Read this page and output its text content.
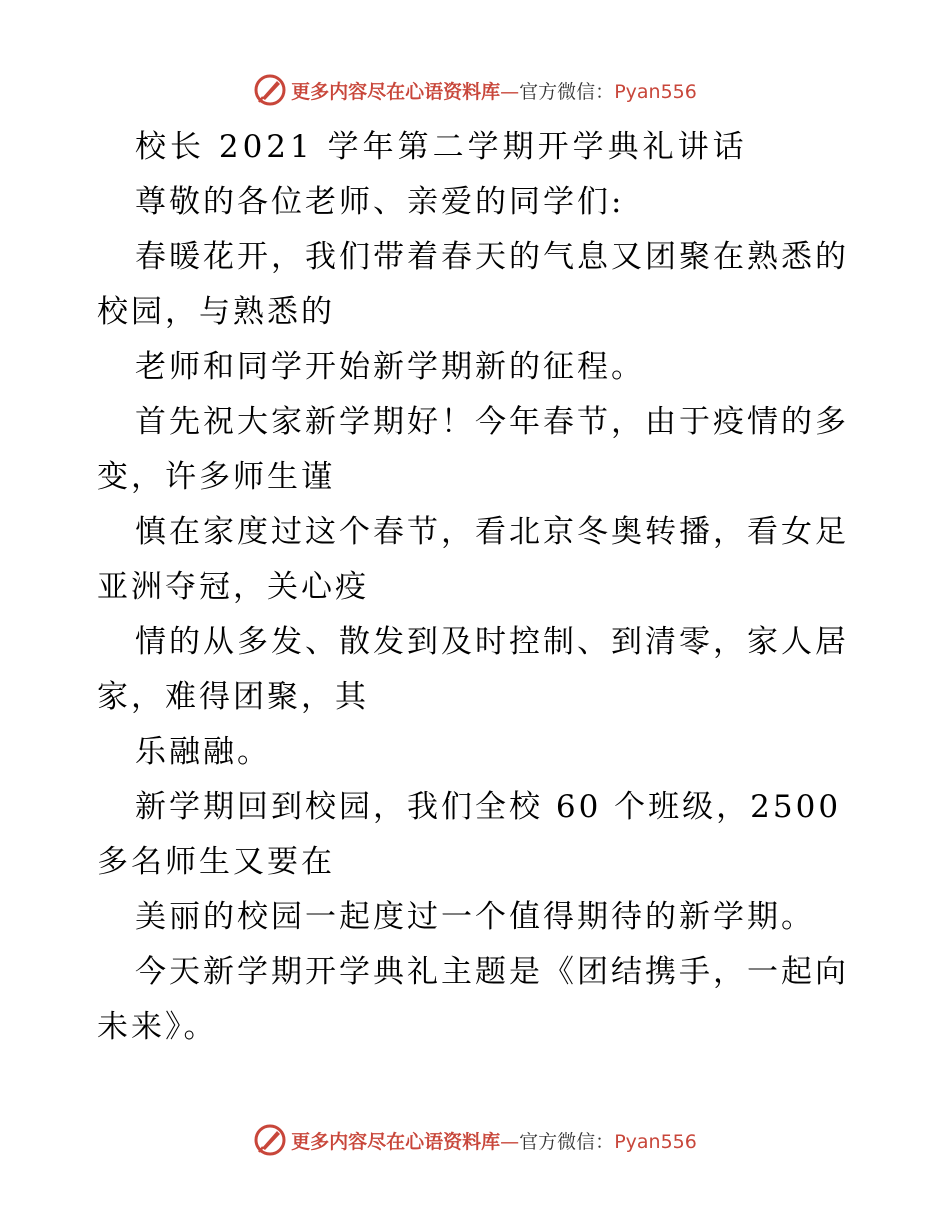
更多内容尽在心语资料库—官方微信：Pyan556

校长 2021 学年第二学期开学典礼讲话

尊敬的各位老师、亲爱的同学们:

春暖花开，我们带着春天的气息又团聚在熟悉的

校园，与熟悉的

老师和同学开始新学期新的征程。

首先祝大家新学期好！今年春节，由于疫情的多

变，许多师生谨

慎在家度过这个春节，看北京冬奥转播，看女足

亚洲夺冠，关心疫

情的从多发、散发到及时控制、到清零，家人居

家，难得团聚，其

乐融融。

新学期回到校园，我们全校 60 个班级，2500

多名师生又要在

美丽的校园一起度过一个值得期待的新学期。

今天新学期开学典礼主题是《团结携手，一起向

未来》。

更多内容尽在心语资料库—官方微信：Pyan556
